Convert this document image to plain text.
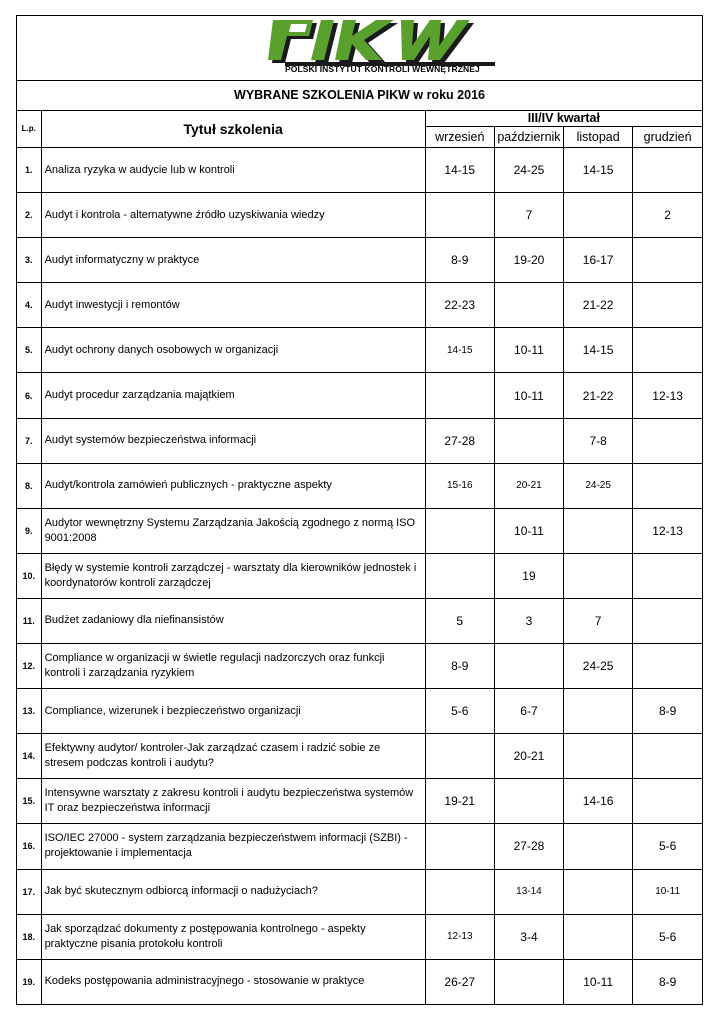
POLSKI INSTYTUT KONTROLI WEWNĘTRZNEJ
WYBRANE SZKOLENIA PIKW w roku 2016
L.p.	Tytuł szkolenia	III/IV kwartał			
		wrzesień	październik	listopad	grudzień
1.	Analiza ryzyka w audycie lub w kontroli	14-15	24-25	14-15	
2.	Audyt i kontrola - alternatywne źródło uzyskiwania wiedzy		7		2
3.	Audyt informatyczny w praktyce	8-9	19-20	16-17	
4.	Audyt inwestycji i remontów	22-23		21-22	
5.	Audyt ochrony danych osobowych w organizacji	14-15	10-11	14-15	
6.	Audyt procedur zarządzania majątkiem		10-11	21-22	12-13
7.	Audyt systemów bezpieczeństwa informacji	27-28		7-8	
8.	Audyt/kontrola zamówień publicznych - praktyczne aspekty	15-16	20-21	24-25	
9.	Audytor wewnętrzny Systemu Zarządzania Jakością zgodnego z normą ISO 9001:2008		10-11		12-13
10.	Błędy w systemie kontroli zarządczej - warsztaty dla kierowników jednostek i koordynatorów kontroli zarządczej		19		
11.	Budżet zadaniowy dla niefinansistów	5	3	7	
12.	Compliance w organizacji w świetle regulacji nadzorczych oraz funkcji kontroli i zarządzania ryzykiem	8-9		24-25	
13.	Compliance, wizerunek i bezpieczeństwo organizacji	5-6	6-7		8-9
14.	Efektywny audytor/ kontroler-Jak zarządzać czasem i radzić sobie ze stresem podczas kontroli i audytu?		20-21		
15.	Intensywne warsztaty z zakresu kontroli i audytu bezpieczeństwa systemów IT oraz bezpieczeństwa informacji	19-21		14-16	
16.	ISO/IEC 27000 - system zarządzania bezpieczeństwem informacji (SZBI) - projektowanie i implementacja		27-28		5-6
17.	Jak być skutecznym odbiorcą informacji o nadużyciach?		13-14		10-11
18.	Jak sporządzać dokumenty z postępowania kontrolnego - aspekty praktyczne pisania protokołu kontroli	12-13	3-4		5-6
19.	Kodeks postępowania administracyjnego - stosowanie w praktyce	26-27		10-11	8-9
